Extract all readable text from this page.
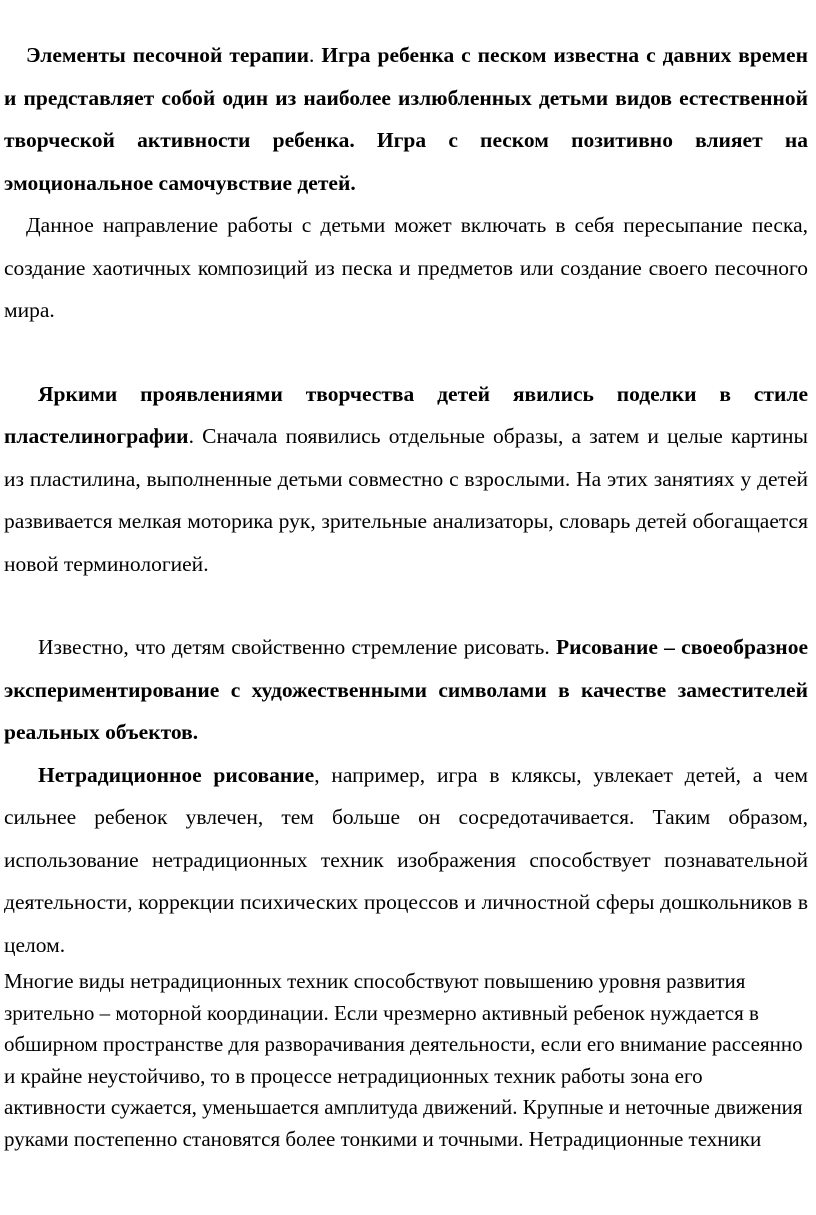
Элементы песочной терапии. Игра ребенка с песком известна с давних времен и представляет собой один из наиболее излюбленных детьми видов естественной творческой активности ребенка. Игра с песком позитивно влияет на эмоциональное самочувствие детей.

Данное направление работы с детьми может включать в себя пересыпание песка, создание хаотичных композиций из песка и предметов или создание своего песочного мира.

Яркими проявлениями творчества детей явились поделки в стиле пластелинографии. Сначала появились отдельные образы, а затем и целые картины из пластилина, выполненные детьми совместно с взрослыми. На этих занятиях у детей развивается мелкая моторика рук, зрительные анализаторы, словарь детей обогащается новой терминологией.

Известно, что детям свойственно стремление рисовать. Рисование – своеобразное экспериментирование с художественными символами в качестве заместителей реальных объектов.

Нетрадиционное рисование, например, игра в кляксы, увлекает детей, а чем сильнее ребенок увлечен, тем больше он сосредотачивается. Таким образом, использование нетрадиционных техник изображения способствует познавательной деятельности, коррекции психических процессов и личностной сферы дошкольников в целом.

Многие виды нетрадиционных техник способствуют повышению уровня развития зрительно – моторной координации. Если чрезмерно активный ребенок нуждается в обширном пространстве для разворачивания деятельности, если его внимание рассеянно и крайне неустойчиво, то в процессе нетрадиционных техник работы зона его активности сужается, уменьшается амплитуда движений. Крупные и неточные движения руками постепенно становятся более тонкими и точными. Нетрадиционные техники
